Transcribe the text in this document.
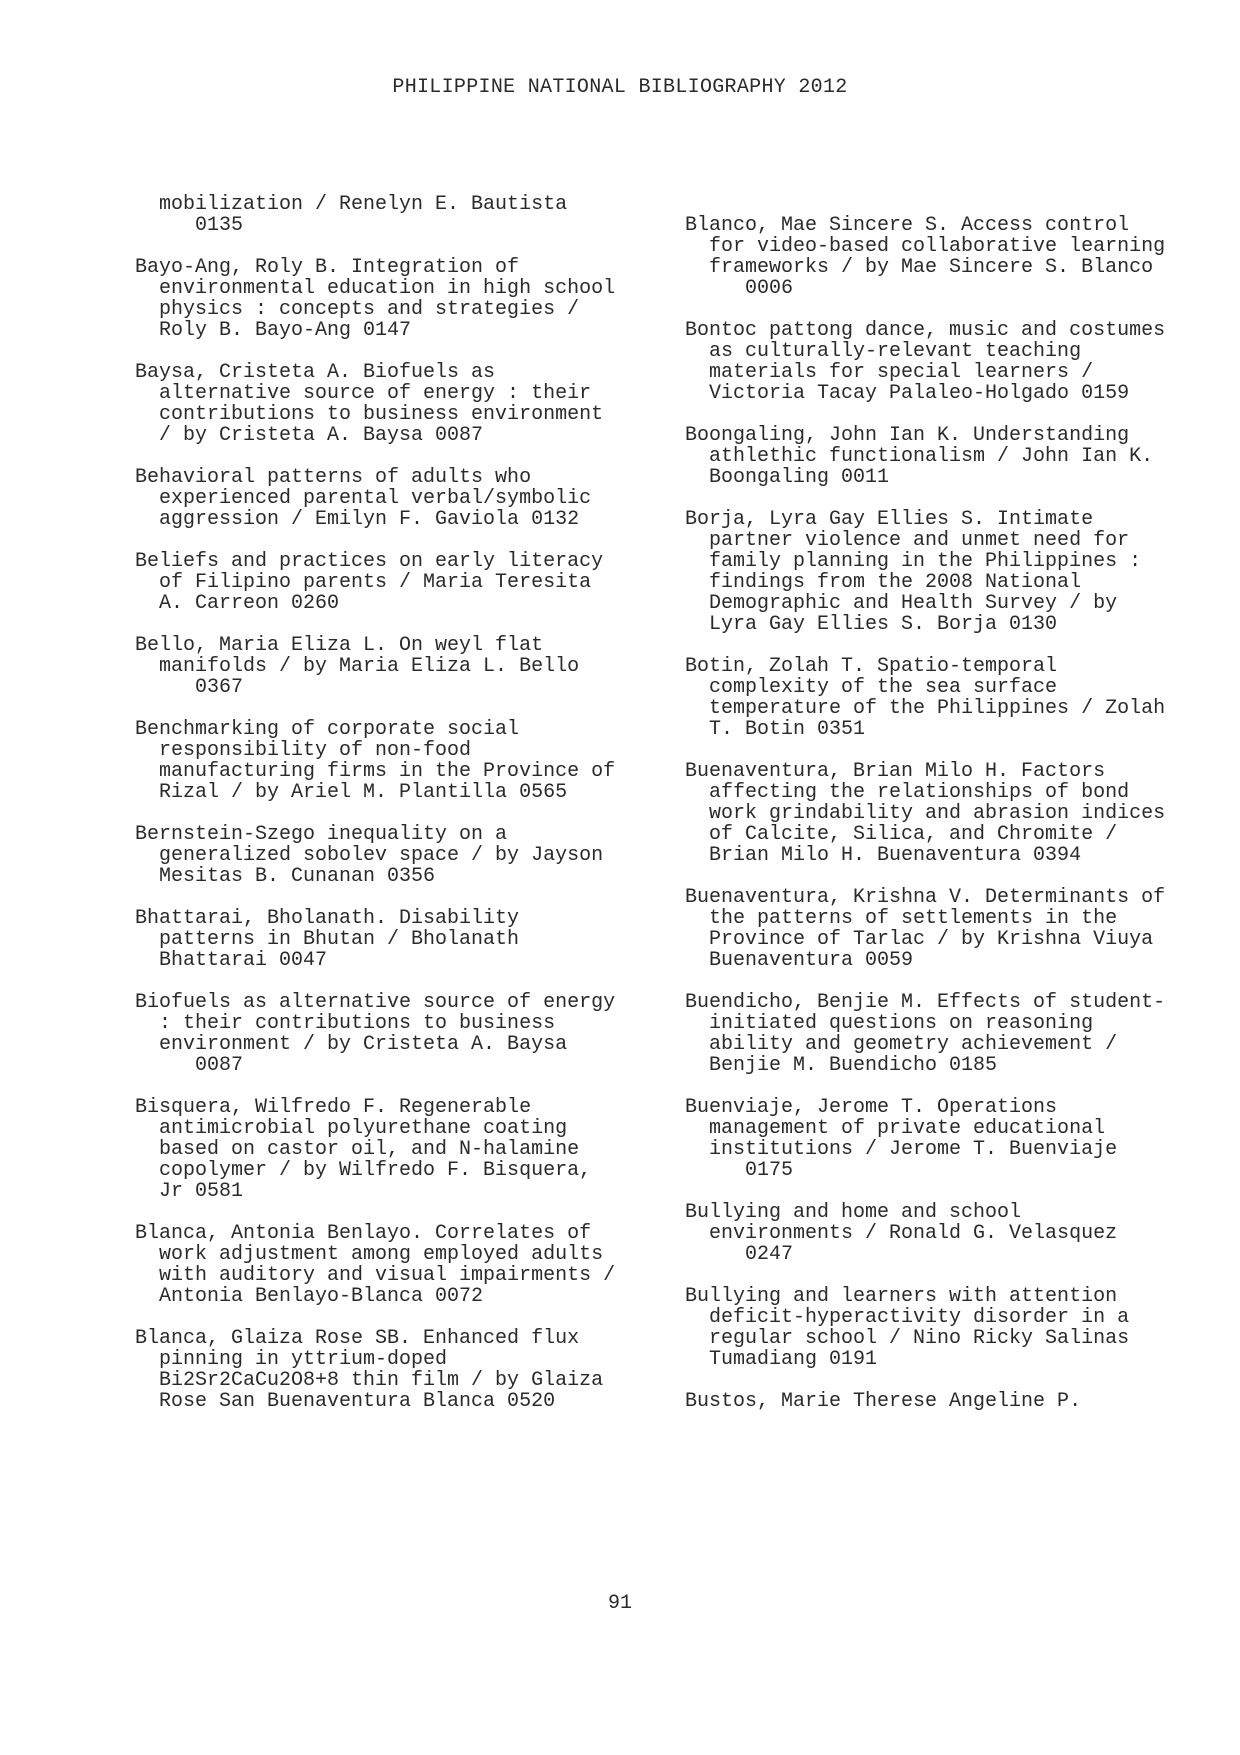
PHILIPPINE NATIONAL BIBLIOGRAPHY 2012
mobilization / Renelyn E. Bautista
0135
Bayo-Ang, Roly B. Integration of
environmental education in high school
physics : concepts and strategies /
Roly B. Bayo-Ang 0147
Baysa, Cristeta A. Biofuels as
alternative source of energy : their
contributions to business environment
/ by Cristeta A. Baysa 0087
Behavioral patterns of adults who
experienced parental verbal/symbolic
aggression / Emilyn F. Gaviola 0132
Beliefs and practices on early literacy
of Filipino parents / Maria Teresita
A. Carreon 0260
Bello, Maria Eliza L. On weyl flat
manifolds / by Maria Eliza L. Bello
0367
Benchmarking of corporate social
responsibility of non-food
manufacturing firms in the Province of
Rizal / by Ariel M. Plantilla 0565
Bernstein-Szego inequality on a
generalized sobolev space / by Jayson
Mesitas B. Cunanan 0356
Bhattarai, Bholanath. Disability
patterns in Bhutan / Bholanath
Bhattarai 0047
Biofuels as alternative source of energy
: their contributions to business
environment / by Cristeta A. Baysa
0087
Bisquera, Wilfredo F. Regenerable
antimicrobial polyurethane coating
based on castor oil, and N-halamine
copolymer / by Wilfredo F. Bisquera,
Jr 0581
Blanca, Antonia Benlayo. Correlates of
work adjustment among employed adults
with auditory and visual impairments /
Antonia Benlayo-Blanca 0072
Blanca, Glaiza Rose SB. Enhanced flux
pinning in yttrium-doped
Bi2Sr2CaCu2O8+8 thin film / by Glaiza
Rose San Buenaventura Blanca 0520
Blanco, Mae Sincere S. Access control
for video-based collaborative learning
frameworks / by Mae Sincere S. Blanco
0006
Bontoc pattong dance, music and costumes
as culturally-relevant teaching
materials for special learners /
Victoria Tacay Palaleo-Holgado 0159
Boongaling, John Ian K. Understanding
athlethic functionalism / John Ian K.
Boongaling 0011
Borja, Lyra Gay Ellies S. Intimate
partner violence and unmet need for
family planning in the Philippines :
findings from the 2008 National
Demographic and Health Survey / by
Lyra Gay Ellies S. Borja 0130
Botin, Zolah T. Spatio-temporal
complexity of the sea surface
temperature of the Philippines / Zolah
T. Botin 0351
Buenaventura, Brian Milo H. Factors
affecting the relationships of bond
work grindability and abrasion indices
of Calcite, Silica, and Chromite /
Brian Milo H. Buenaventura 0394
Buenaventura, Krishna V. Determinants of
the patterns of settlements in the
Province of Tarlac / by Krishna Viuya
Buenaventura 0059
Buendicho, Benjie M. Effects of student-
initiated questions on reasoning
ability and geometry achievement /
Benjie M. Buendicho 0185
Buenviaje, Jerome T. Operations
management of private educational
institutions / Jerome T. Buenviaje
0175
Bullying and home and school
environments / Ronald G. Velasquez
0247
Bullying and learners with attention
deficit-hyperactivity disorder in a
regular school / Nino Ricky Salinas
Tumadiang 0191
Bustos, Marie Therese Angeline P.
91
